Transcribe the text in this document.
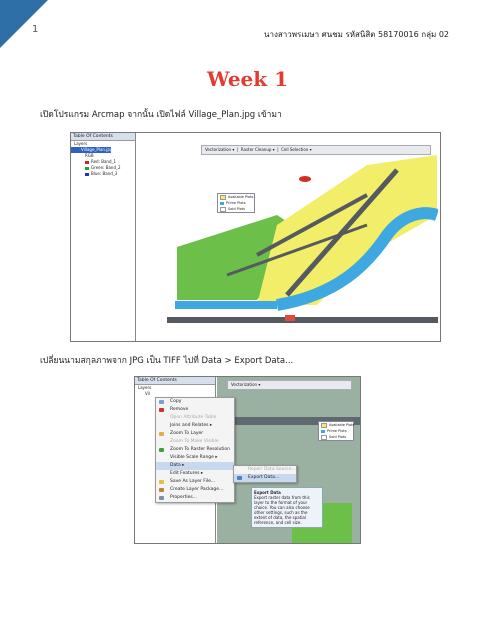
1	นางสาวพรเมษา ศนชม รหัสนิสิต 58170016 กลุ่ม 02
Week 1
เปิดโปรแกรม Arcmap จากนั้น เปิดไฟล์ Village_Plan.jpg เข้ามา
Table Of Contents
Layers
Village_Plan.jpg
RGB
Red: Band_1
Green: Band_2
Blue: Band_3
Vectorization ▾  |  Raster Cleanup ▾  |  Cell Selection ▾
Available Plots
Prime Plots
Sold Plots
เปลี่ยนนามสกุลภาพจาก JPG เป็น TIFF ไปที่ Data > Export Data...
Table Of Contents
Layers
Vil
Vectorization ▾
Available Plots
Prime Plots
Sold Plots
Copy
Remove
Open Attribute Table
Joins and Relates ▸
Zoom To Layer
Zoom To Make Visible
Zoom To Raster Resolution
Visible Scale Range ▸
Data ▸
Edit Features ▸
Save As Layer File...
Create Layer Package...
Properties...
Repair Data Source...
Export Data...
Export Data
Export raster data from this layer to the format of your choice. You can also choose other settings, such as the extent of data, the spatial reference, and cell size.
